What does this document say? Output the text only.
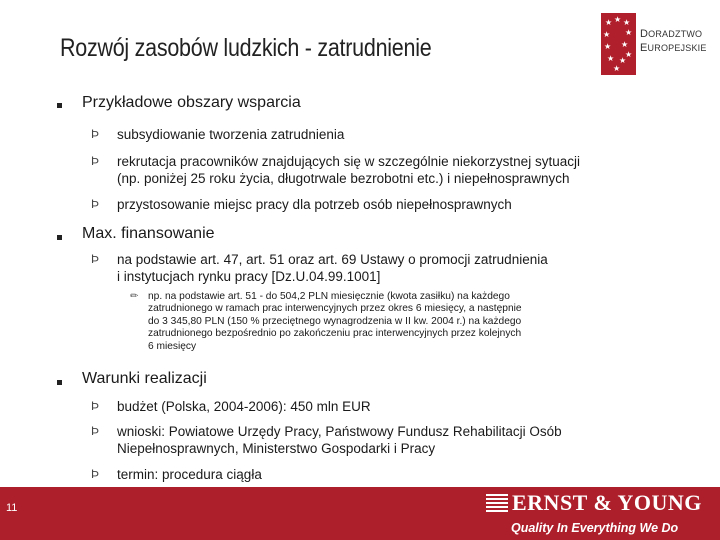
Rozwój zasobów ludzkich - zatrudnienie
★ ★ ★
★ ★
★ ★
★ ★
★
★
DORADZTWO
EUROPEJSKIE
Przykładowe obszary wsparcia
Þ subsydiowanie tworzenia zatrudnienia
Þ rekrutacja pracowników znajdujących się w szczególnie niekorzystnej sytuacji
(np. poniżej 25 roku życia, długotrwale bezrobotni etc.) i niepełnosprawnych
Þ przystosowanie miejsc pracy dla potrzeb osób niepełnosprawnych
Max. finansowanie
Þ na podstawie art. 47, art. 51 oraz art. 69 Ustawy o promocji zatrudnienia
i instytucjach rynku pracy [Dz.U.04.99.1001]
✏ np. na podstawie art. 51 - do 504,2 PLN miesięcznie (kwota zasiłku) na każdego
zatrudnionego w ramach prac interwencyjnych przez okres 6 miesięcy, a następnie
do 3 345,80 PLN (150 % przeciętnego wynagrodzenia w II kw. 2004 r.) na każdego
zatrudnionego bezpośrednio po zakończeniu prac interwencyjnych przez kolejnych
6 miesięcy
Warunki realizacji
Þ budżet (Polska, 2004-2006): 450 mln EUR
Þ wnioski: Powiatowe Urzędy Pracy, Państwowy Fundusz Rehabilitacji Osób
Niepełnosprawnych, Ministerstwo Gospodarki i Pracy
Þ termin: procedura ciągła
11	ERNST & YOUNG
Quality In Everything We Do
